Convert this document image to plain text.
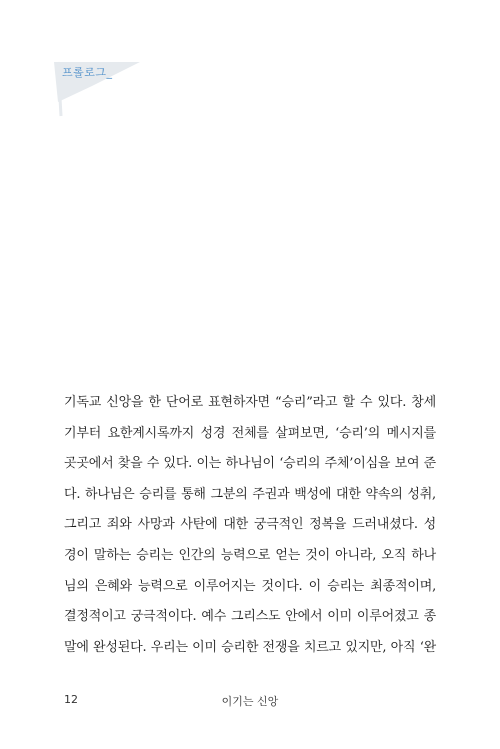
프롤로그_

기독교 신앙을 한 단어로 표현하자면 “승리”라고 할 수 있다. 창세
기부터 요한계시록까지 성경 전체를 살펴보면, ‘승리’의 메시지를
곳곳에서 찾을 수 있다. 이는 하나님이 ‘승리의 주체’이심을 보여 준
다. 하나님은 승리를 통해 그분의 주권과 백성에 대한 약속의 성취,
그리고 죄와 사망과 사탄에 대한 궁극적인 정복을 드러내셨다. 성
경이 말하는 승리는 인간의 능력으로 얻는 것이 아니라, 오직 하나
님의 은혜와 능력으로 이루어지는 것이다. 이 승리는 최종적이며,
결정적이고 궁극적이다. 예수 그리스도 안에서 이미 이루어졌고 종
말에 완성된다. 우리는 이미 승리한 전쟁을 치르고 있지만, 아직 ‘완

12	이기는 신앙
